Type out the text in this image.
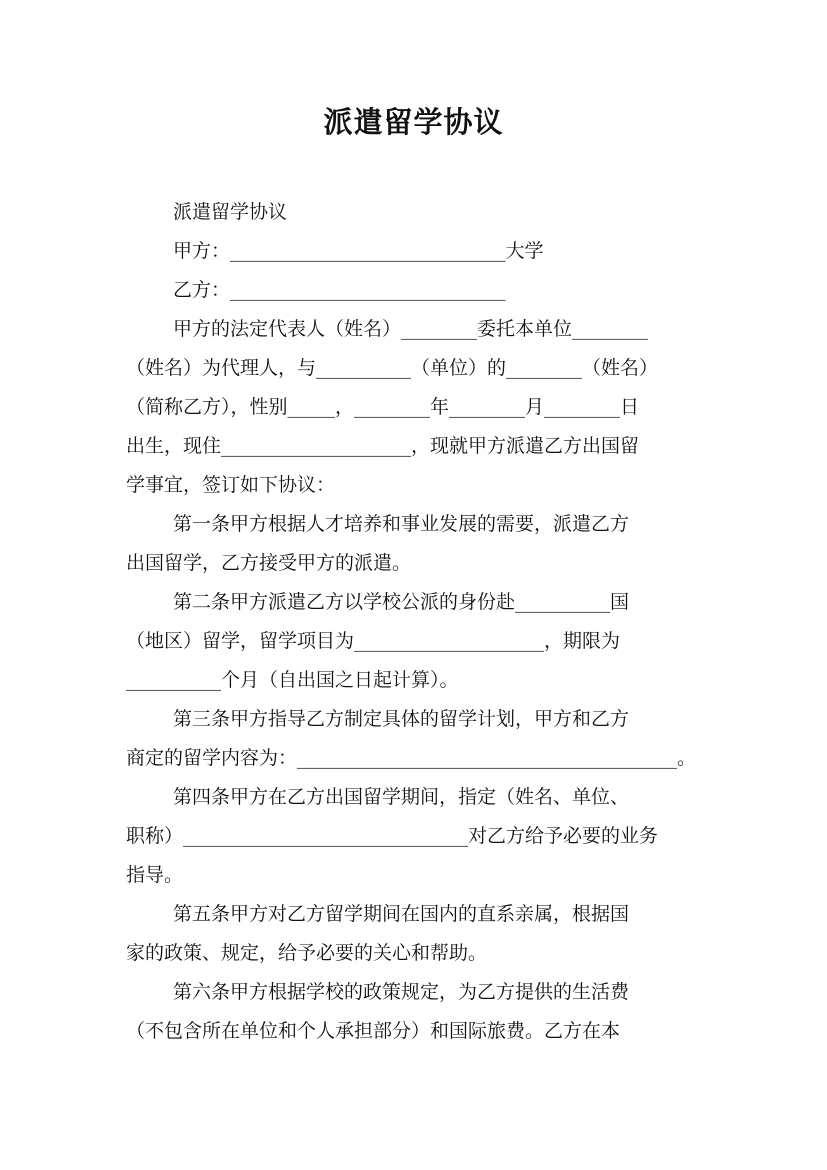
派遣留学协议
派遣留学协议
甲方：_____________________________大学
乙方：_____________________________
甲方的法定代表人（姓名）________委托本单位________
（姓名）为代理人，与__________（单位）的________（姓名）
（简称乙方），性别_____，________年________月________日
出生，现住____________________，现就甲方派遣乙方出国留
学事宜，签订如下协议：
第一条甲方根据人才培养和事业发展的需要，派遣乙方
出国留学，乙方接受甲方的派遣。
第二条甲方派遣乙方以学校公派的身份赴__________国
（地区）留学，留学项目为____________________，期限为
__________个月（自出国之日起计算）。
第三条甲方指导乙方制定具体的留学计划，甲方和乙方
商定的留学内容为：________________________________________。
第四条甲方在乙方出国留学期间，指定（姓名、单位、
职称）______________________________对乙方给予必要的业务
指导。
第五条甲方对乙方留学期间在国内的直系亲属，根据国
家的政策、规定，给予必要的关心和帮助。
第六条甲方根据学校的政策规定，为乙方提供的生活费
（不包含所在单位和个人承担部分）和国际旅费。乙方在本
